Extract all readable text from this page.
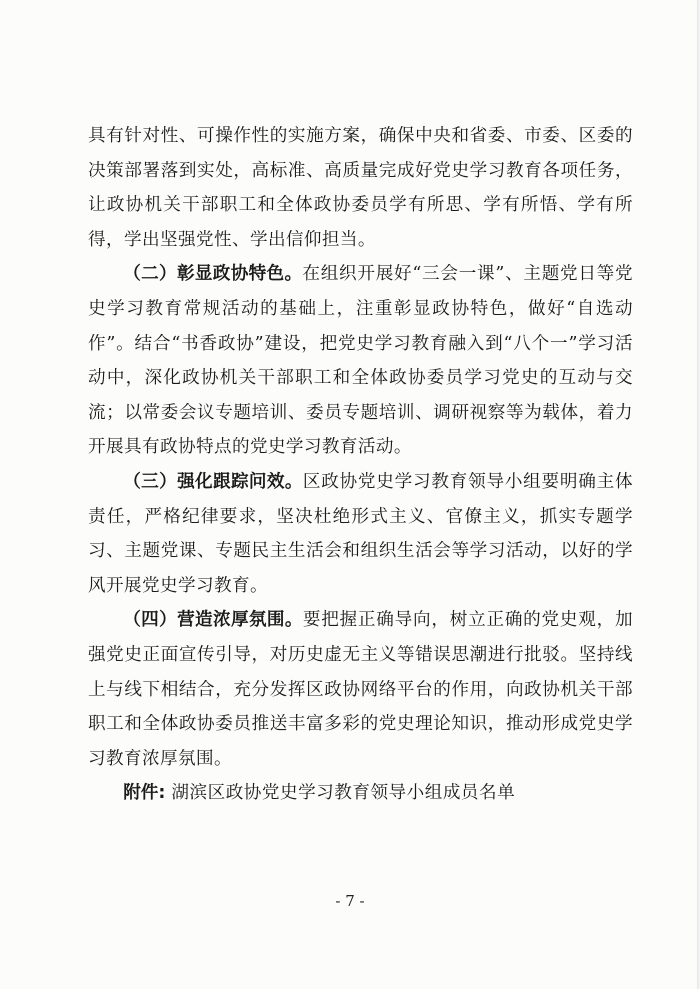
具有针对性、可操作性的实施方案，确保中央和省委、市委、区委的决策部署落到实处，高标准、高质量完成好党史学习教育各项任务，让政协机关干部职工和全体政协委员学有所思、学有所悟、学有所得，学出坚强党性、学出信仰担当。

（二）彰显政协特色。在组织开展好“三会一课”、主题党日等党史学习教育常规活动的基础上，注重彰显政协特色，做好“自选动作”。结合“书香政协”建设，把党史学习教育融入到“八个一”学习活动中，深化政协机关干部职工和全体政协委员学习党史的互动与交流；以常委会议专题培训、委员专题培训、调研视察等为载体，着力开展具有政协特点的党史学习教育活动。

（三）强化跟踪问效。区政协党史学习教育领导小组要明确主体责任，严格纪律要求，坚决杜绝形式主义、官僚主义，抓实专题学习、主题党课、专题民主生活会和组织生活会等学习活动，以好的学风开展党史学习教育。

（四）营造浓厚氛围。要把握正确导向，树立正确的党史观，加强党史正面宣传引导，对历史虚无主义等错误思潮进行批驳。坚持线上与线下相结合，充分发挥区政协网络平台的作用，向政协机关干部职工和全体政协委员推送丰富多彩的党史理论知识，推动形成党史学习教育浓厚氛围。

附件: 湖滨区政协党史学习教育领导小组成员名单

- 7 -
